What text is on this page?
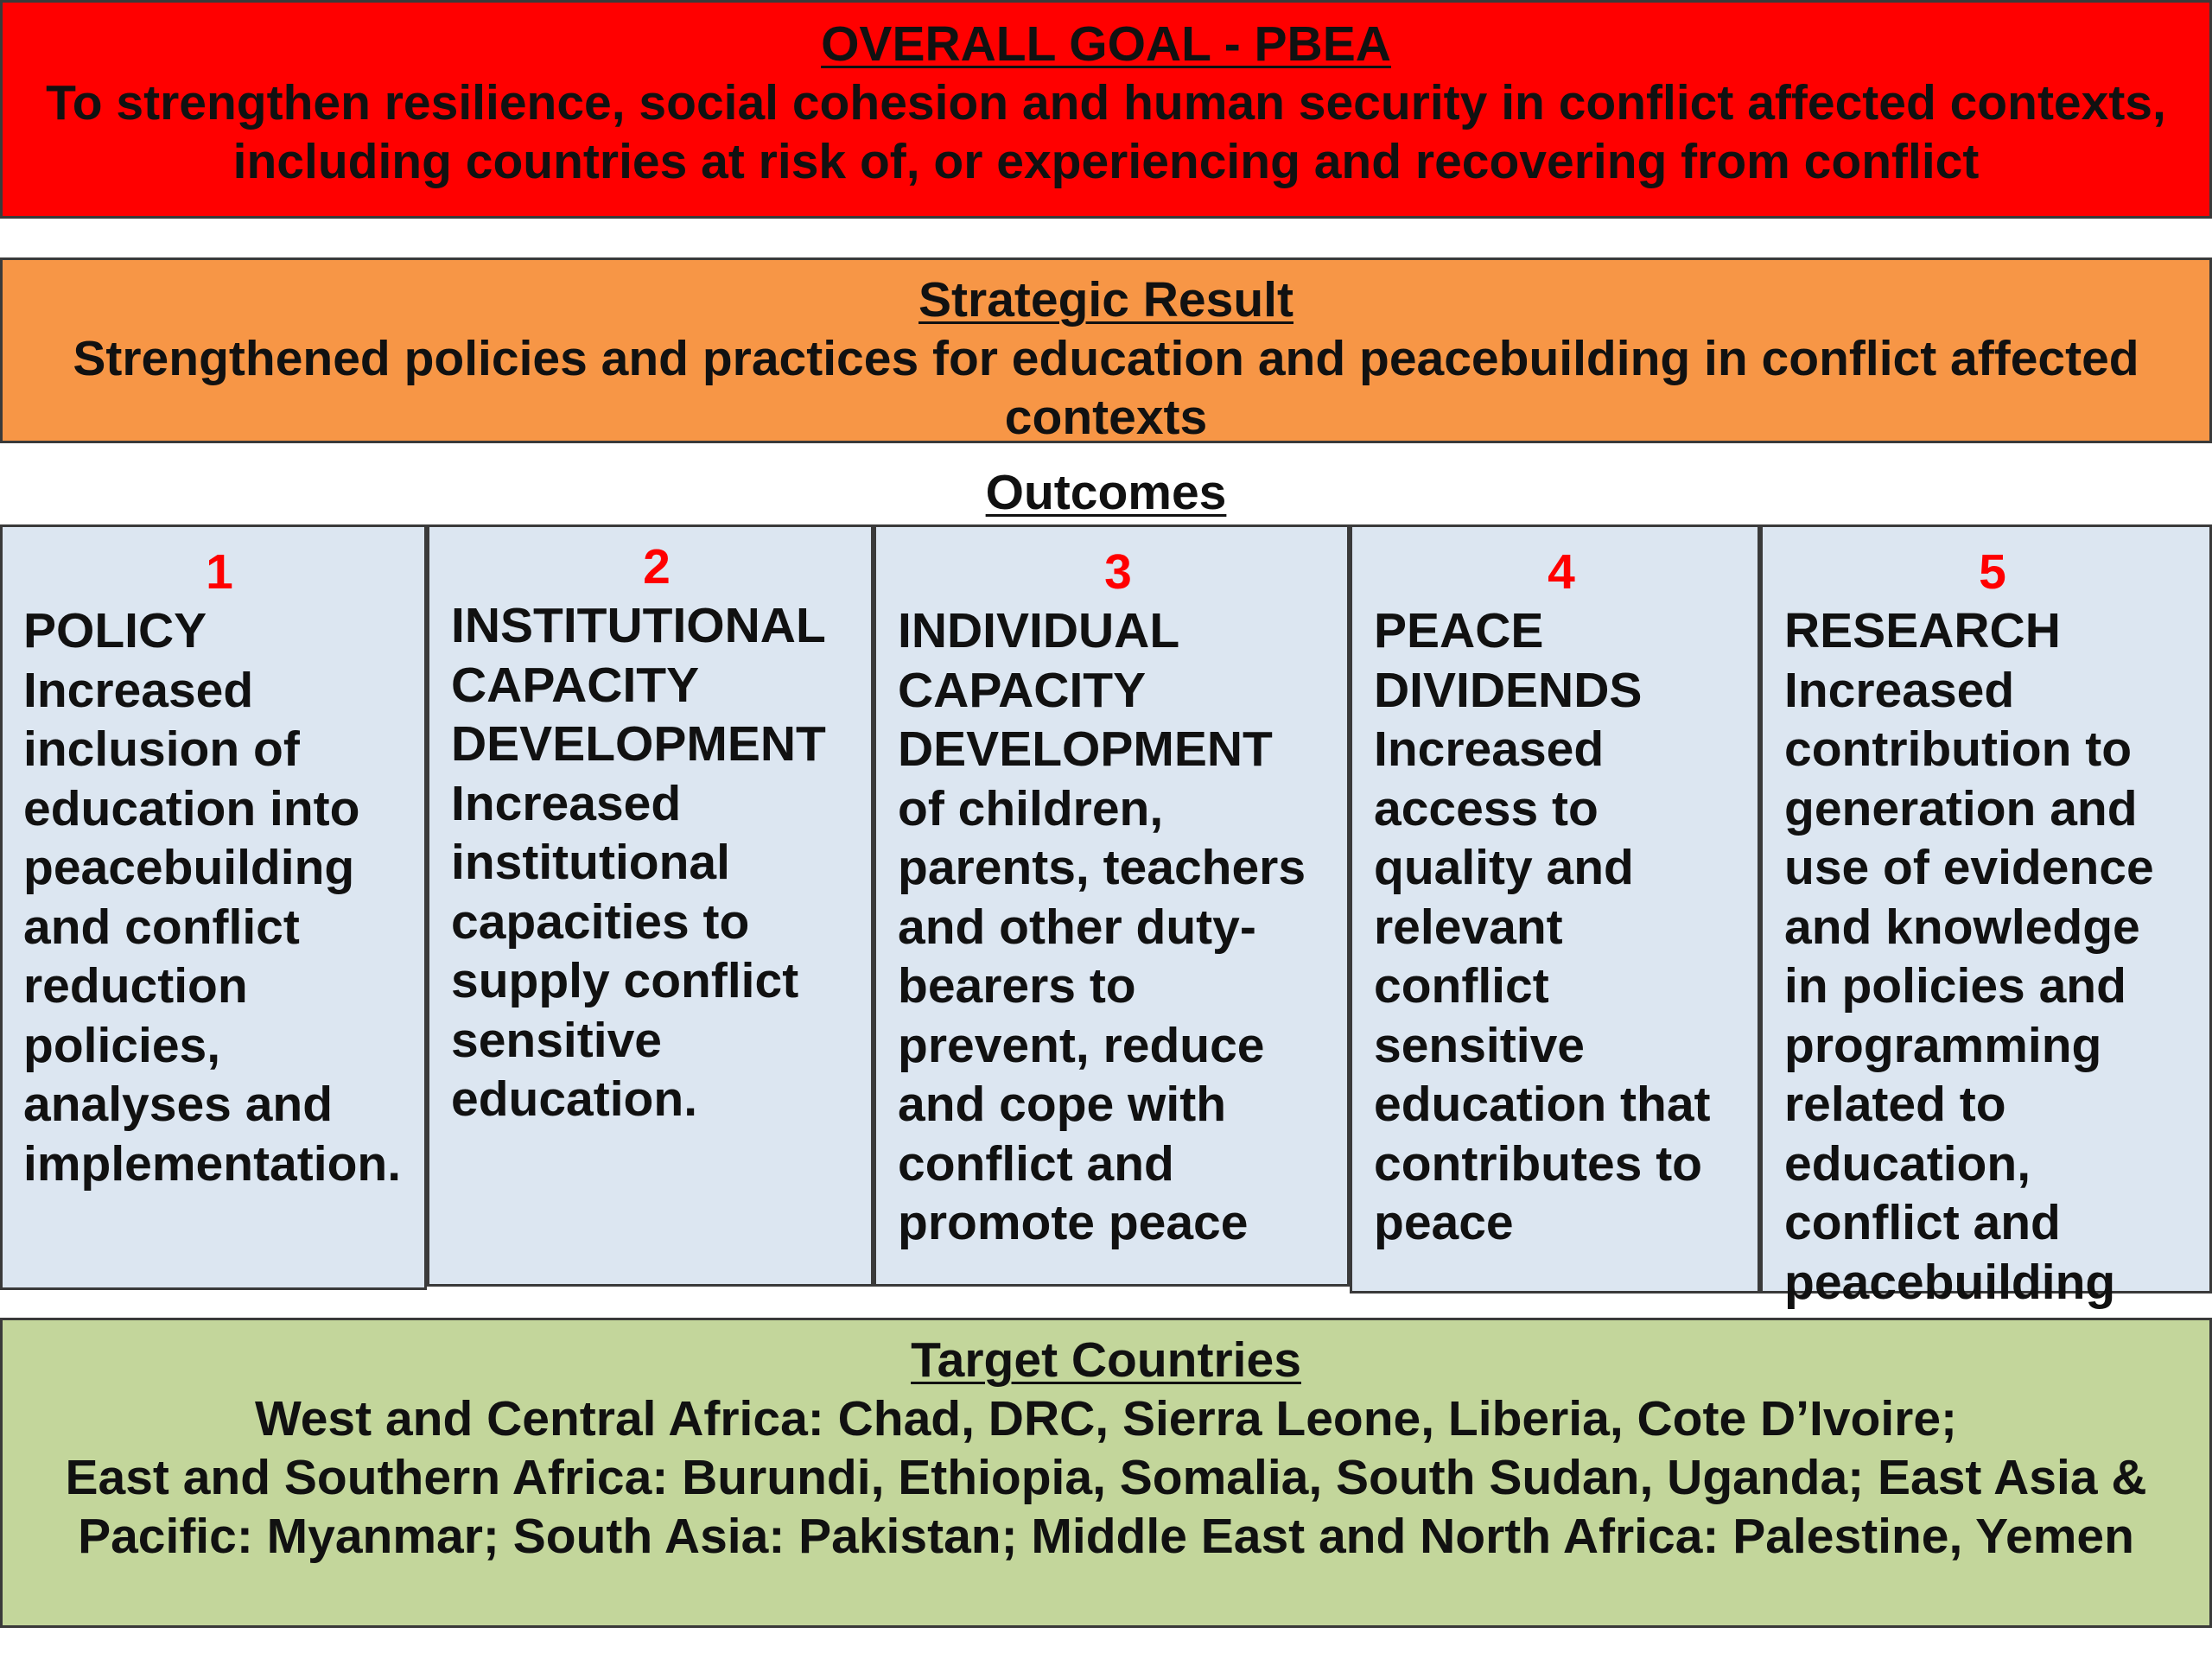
OVERALL GOAL - PBEA
To strengthen resilience, social cohesion and human security in conflict affected contexts, including countries at risk of, or experiencing and recovering from conflict
Strategic Result
Strengthened policies and practices for education and peacebuilding in conflict affected contexts
Outcomes
1
POLICY
Increased
inclusion of
education into
peacebuilding
and conflict
reduction
policies,
analyses and
implementation.
2
INSTITUTIONAL
CAPACITY
DEVELOPMENT
Increased
institutional
capacities to
supply conflict
sensitive
education.
3
INDIVIDUAL
CAPACITY
DEVELOPMENT
of children,
parents, teachers
and other duty-
bearers to
prevent, reduce
and cope with
conflict and
promote peace
4
PEACE
DIVIDENDS
Increased
access to
quality and
relevant
conflict
sensitive
education that
contributes to
peace
5
RESEARCH
Increased
contribution to
generation and
use of evidence
and knowledge
in policies and
programming
related to
education,
conflict and
peacebuilding
Target Countries
West and Central Africa: Chad, DRC, Sierra Leone, Liberia, Cote D’Ivoire;
East and Southern Africa: Burundi, Ethiopia, Somalia, South Sudan, Uganda; East Asia &
Pacific: Myanmar; South Asia: Pakistan; Middle East and North Africa: Palestine, Yemen
